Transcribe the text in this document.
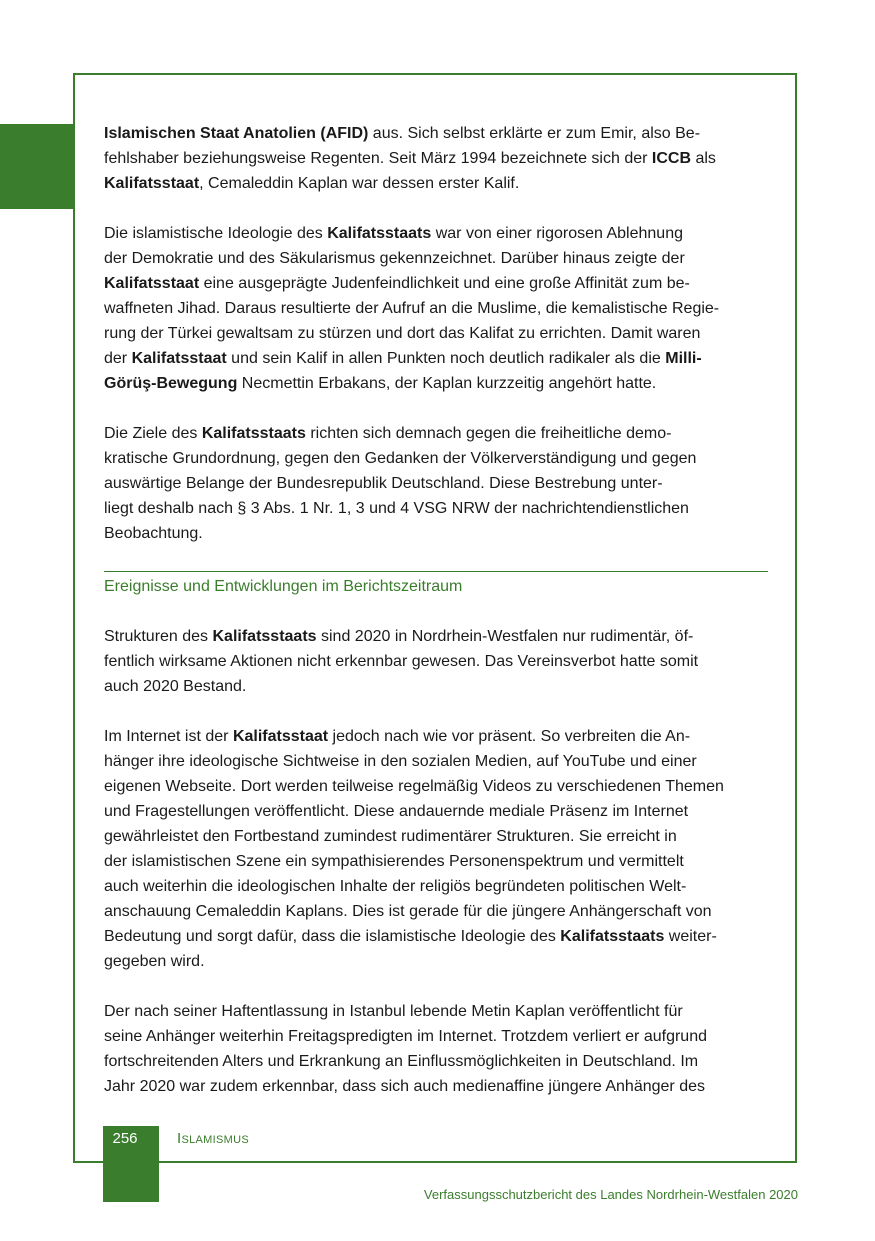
Islamischen Staat Anatolien (AFID) aus. Sich selbst erklärte er zum Emir, also Be-
fehlshaber beziehungsweise Regenten. Seit März 1994 bezeichnete sich der ICCB als
Kalifatsstaat, Cemaleddin Kaplan war dessen erster Kalif.

Die islamistische Ideologie des Kalifatsstaats war von einer rigorosen Ablehnung
der Demokratie und des Säkularismus gekennzeichnet. Darüber hinaus zeigte der
Kalifatsstaat eine ausgeprägte Judenfeindlichkeit und eine große Affinität zum be-
waffneten Jihad. Daraus resultierte der Aufruf an die Muslime, die kemalistische Regie-
rung der Türkei gewaltsam zu stürzen und dort das Kalifat zu errichten. Damit waren
der Kalifatsstaat und sein Kalif in allen Punkten noch deutlich radikaler als die Milli-
Görüş-Bewegung Necmettin Erbakans, der Kaplan kurzzeitig angehört hatte.

Die Ziele des Kalifatsstaats richten sich demnach gegen die freiheitliche demo-
kratische Grundordnung, gegen den Gedanken der Völkerverständigung und gegen
auswärtige Belange der Bundesrepublik Deutschland. Diese Bestrebung unter-
liegt deshalb nach § 3 Abs. 1 Nr. 1, 3 und 4 VSG NRW der nachrichtendienstlichen
Beobachtung.

Ereignisse und Entwicklungen im Berichtszeitraum

Strukturen des Kalifatsstaats sind 2020 in Nordrhein-Westfalen nur rudimentär, öf-
fentlich wirksame Aktionen nicht erkennbar gewesen. Das Vereinsverbot hatte somit
auch 2020 Bestand.

Im Internet ist der Kalifatsstaat jedoch nach wie vor präsent. So verbreiten die An-
hänger ihre ideologische Sichtweise in den sozialen Medien, auf YouTube und einer
eigenen Webseite. Dort werden teilweise regelmäßig Videos zu verschiedenen Themen
und Fragestellungen veröffentlicht. Diese andauernde mediale Präsenz im Internet
gewährleistet den Fortbestand zumindest rudimentärer Strukturen. Sie erreicht in
der islamistischen Szene ein sympathisierendes Personenspektrum und vermittelt
auch weiterhin die ideologischen Inhalte der religiös begründeten politischen Welt-
anschauung Cemaleddin Kaplans. Dies ist gerade für die jüngere Anhängerschaft von
Bedeutung und sorgt dafür, dass die islamistische Ideologie des Kalifatsstaats weiter-
gegeben wird.

Der nach seiner Haftentlassung in Istanbul lebende Metin Kaplan veröffentlicht für
seine Anhänger weiterhin Freitagspredigten im Internet. Trotzdem verliert er aufgrund
fortschreitenden Alters und Erkrankung an Einflussmöglichkeiten in Deutschland. Im
Jahr 2020 war zudem erkennbar, dass sich auch medienaffine jüngere Anhänger des

256	Islamismus
Verfassungsschutzbericht des Landes Nordrhein-Westfalen 2020
